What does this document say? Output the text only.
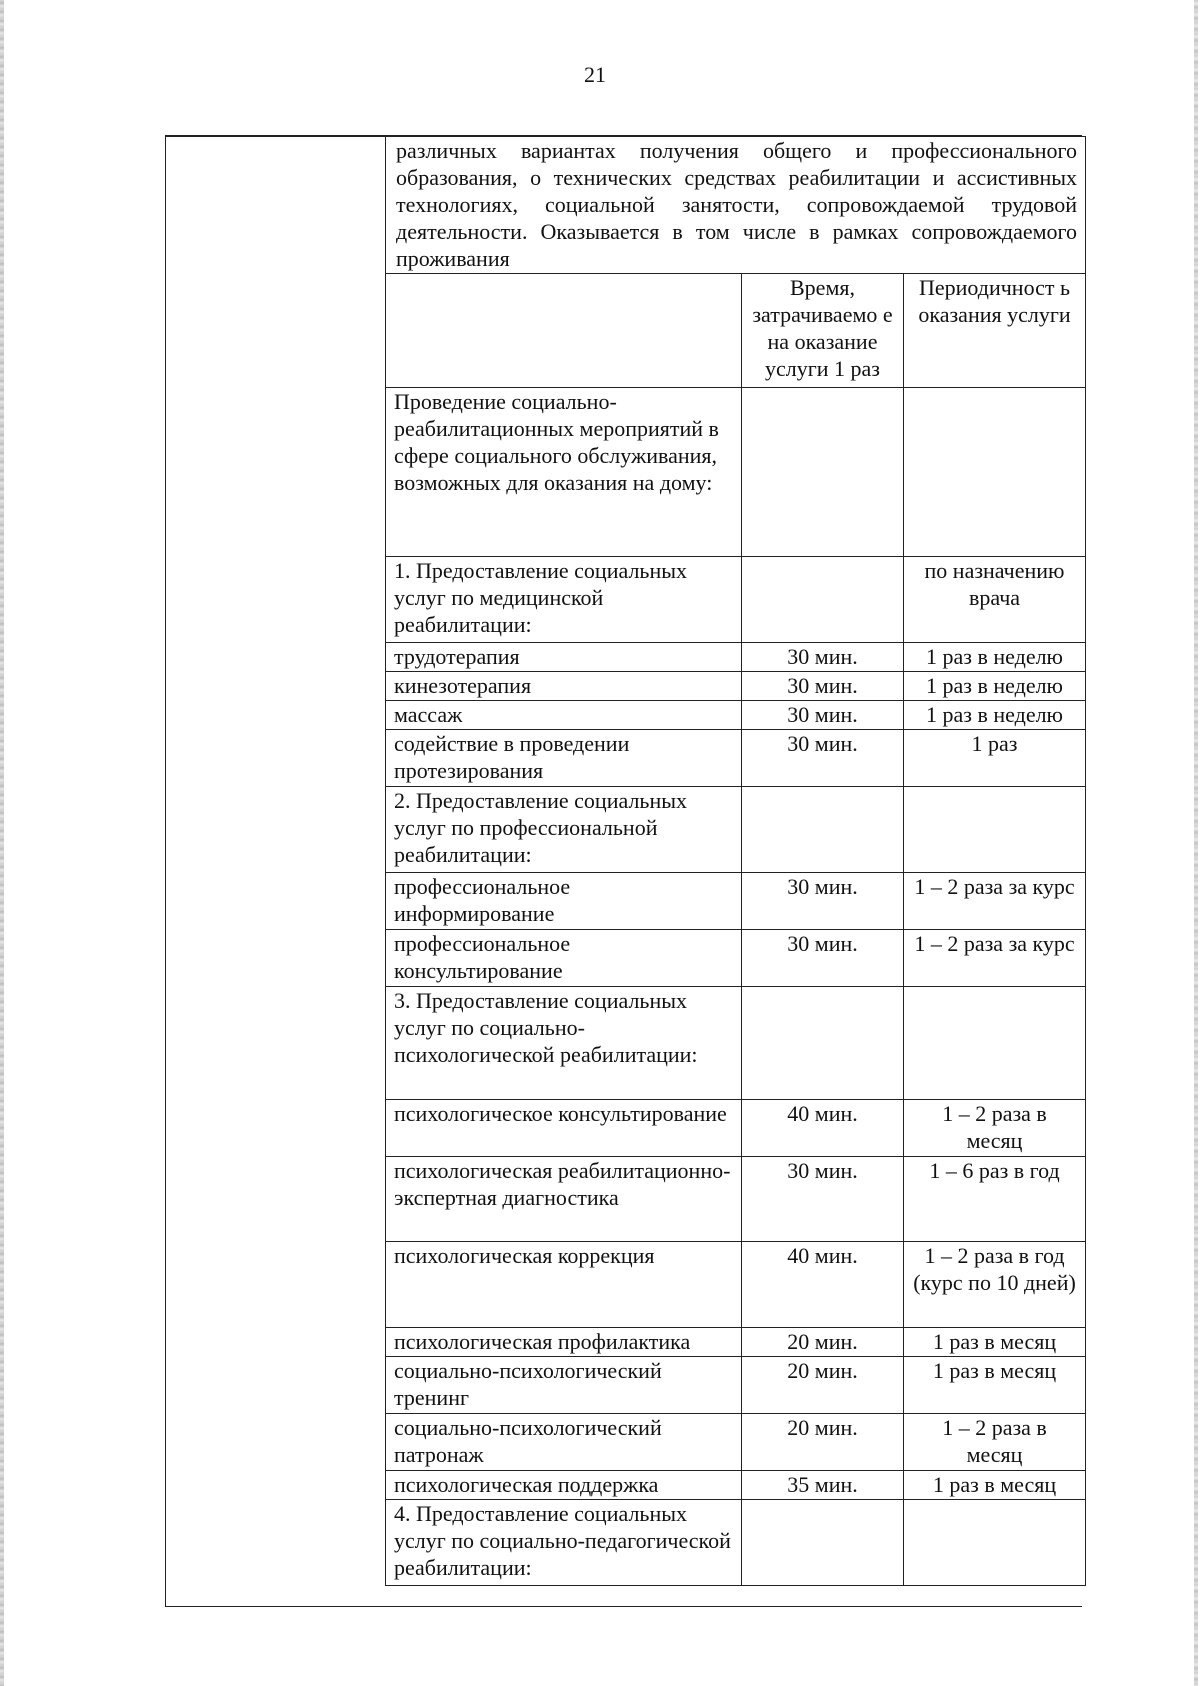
21
различных вариантах получения общего и профессионального образования, о технических средствах реабилитации и ассистивных технологиях, социальной занятости, сопровождаемой трудовой деятельности. Оказывается в том числе в рамках сопровождаемого проживания		
	Время, затрачиваемо е на оказание услуги 1 раз	Периодичност ь оказания услуги
Проведение социально-реабилитационных мероприятий в сфере социального обслуживания, возможных для оказания на дому:		
1. Предоставление социальных услуг по медицинской реабилитации:		по назначению врача
трудотерапия	30 мин.	1 раз в неделю
кинезотерапия	30 мин.	1 раз в неделю
массаж	30 мин.	1 раз в неделю
содействие в проведении протезирования	30 мин.	1 раз
2. Предоставление социальных услуг по профессиональной реабилитации:		
профессиональное информирование	30 мин.	1 – 2 раза за курс
профессиональное консультирование	30 мин.	1 – 2 раза за курс
3. Предоставление социальных услуг по социально-психологической реабилитации:		
психологическое консультирование	40 мин.	1 – 2 раза в месяц
психологическая реабилитационно-экспертная диагностика	30 мин.	1 – 6 раз в год
психологическая коррекция	40 мин.	1 – 2 раза в год (курс по 10 дней)
психологическая профилактика	20 мин.	1 раз в месяц
социально-психологический тренинг	20 мин.	1 раз в месяц
социально-психологический патронаж	20 мин.	1 – 2 раза в месяц
психологическая поддержка	35 мин.	1 раз в месяц
4. Предоставление социальных услуг по социально-педагогической реабилитации:		
